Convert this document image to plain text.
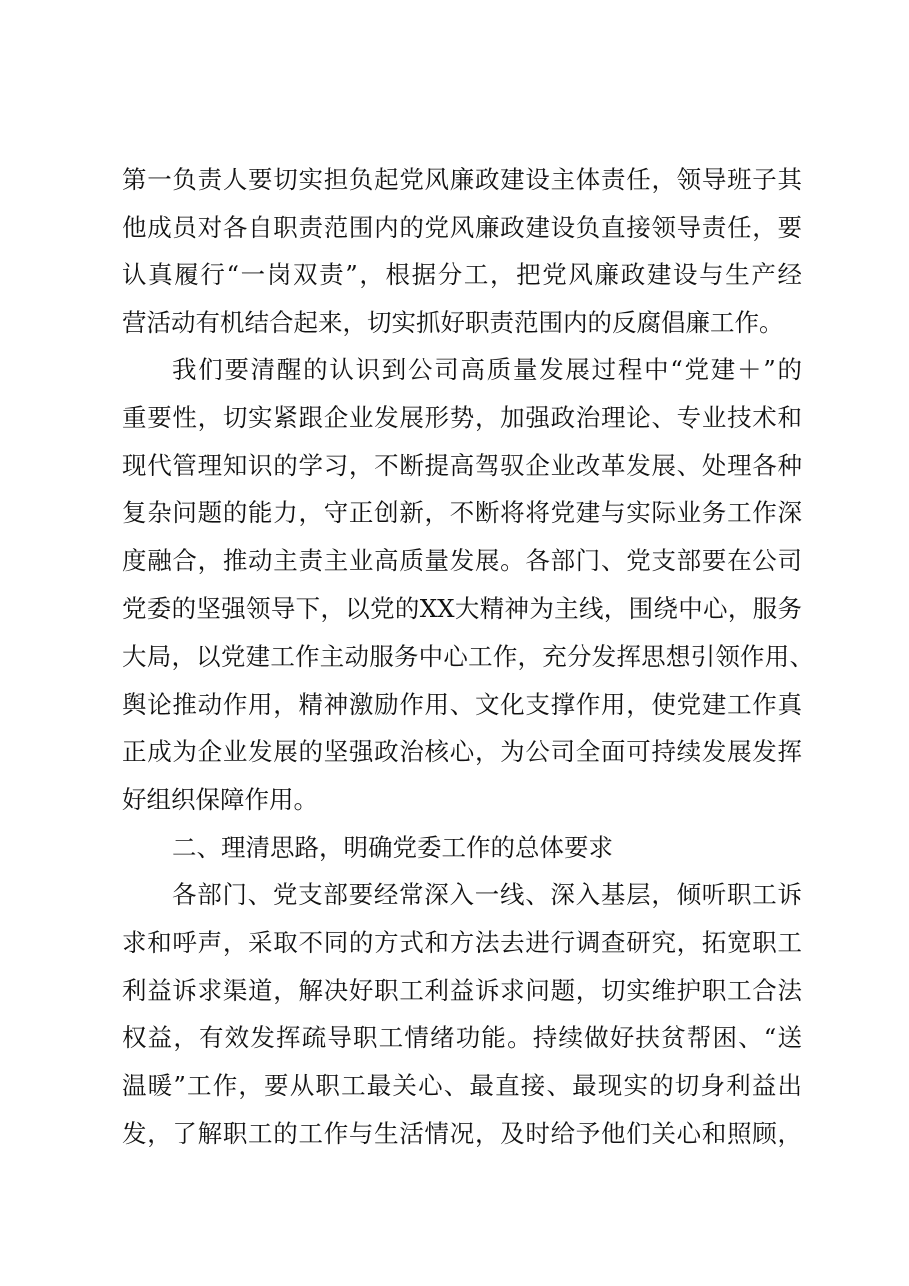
第一负责人要切实担负起党风廉政建设主体责任，领导班子其
他成员对各自职责范围内的党风廉政建设负直接领导责任，要
认真履行“一岗双责”，根据分工，把党风廉政建设与生产经
营活动有机结合起来，切实抓好职责范围内的反腐倡廉工作。
我们要清醒的认识到公司高质量发展过程中“党建＋”的
重要性，切实紧跟企业发展形势，加强政治理论、专业技术和
现代管理知识的学习，不断提高驾驭企业改革发展、处理各种
复杂问题的能力，守正创新，不断将将党建与实际业务工作深
度融合，推动主责主业高质量发展。各部门、党支部要在公司
党委的坚强领导下，以党的XX大精神为主线，围绕中心，服务
大局，以党建工作主动服务中心工作，充分发挥思想引领作用、
舆论推动作用，精神激励作用、文化支撑作用，使党建工作真
正成为企业发展的坚强政治核心，为公司全面可持续发展发挥
好组织保障作用。
二、理清思路，明确党委工作的总体要求
各部门、党支部要经常深入一线、深入基层，倾听职工诉
求和呼声，采取不同的方式和方法去进行调查研究，拓宽职工
利益诉求渠道，解决好职工利益诉求问题，切实维护职工合法
权益，有效发挥疏导职工情绪功能。持续做好扶贫帮困、“送
温暖”工作，要从职工最关心、最直接、最现实的切身利益出
发，了解职工的工作与生活情况，及时给予他们关心和照顾，
